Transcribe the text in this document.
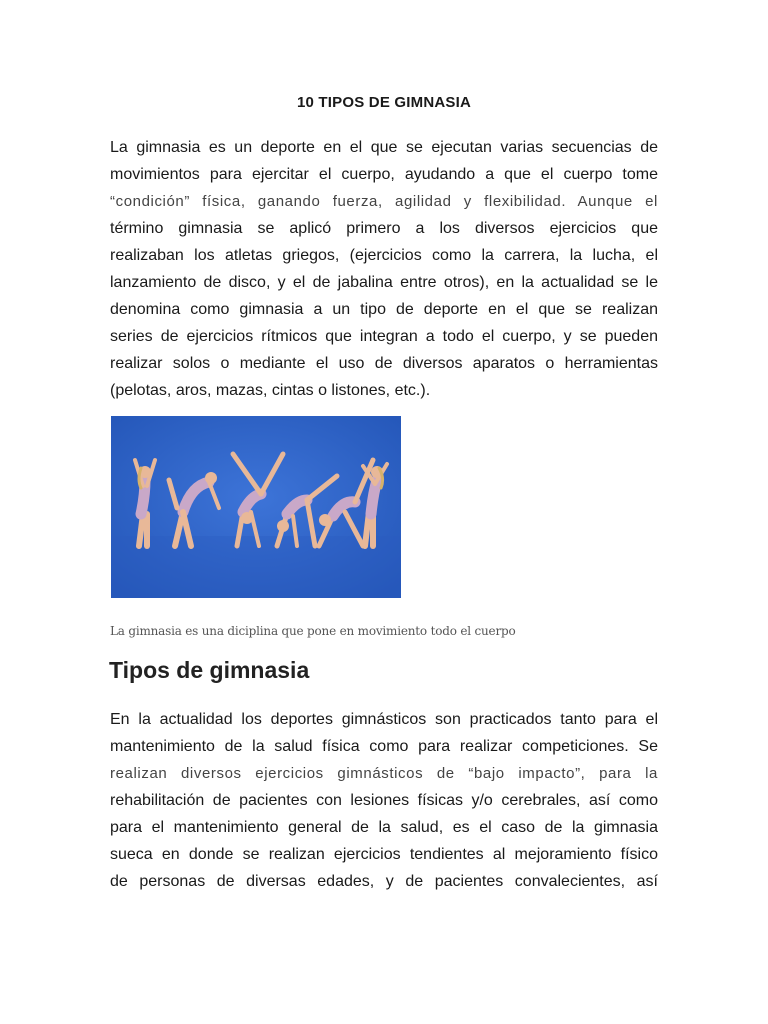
10 TIPOS DE GIMNASIA
La gimnasia es un deporte en el que se ejecutan varias secuencias de
movimientos para ejercitar el cuerpo, ayudando a que el cuerpo tome
“condición” física, ganando fuerza, agilidad y flexibilidad. Aunque el
término gimnasia se aplicó primero a los diversos ejercicios que
realizaban los atletas griegos, (ejercicios como la carrera, la lucha, el
lanzamiento de disco, y el de jabalina entre otros), en la actualidad se le
denomina como gimnasia a un tipo de deporte en el que se realizan
series de ejercicios rítmicos que integran a todo el cuerpo, y se pueden
realizar solos o mediante el uso de diversos aparatos o herramientas
(pelotas, aros, mazas, cintas o listones, etc.).

La gimnasia es una diciplina que pone en movimiento todo el cuerpo

Tipos de gimnasia
En la actualidad los deportes gimnásticos son practicados tanto para el
mantenimiento de la salud física como para realizar competiciones. Se
realizan diversos ejercicios gimnásticos de “bajo impacto”, para la
rehabilitación de pacientes con lesiones físicas y/o cerebrales, así como
para el mantenimiento general de la salud, es el caso de la gimnasia
sueca en donde se realizan ejercicios tendientes al mejoramiento físico
de personas de diversas edades, y de pacientes convalecientes, así
